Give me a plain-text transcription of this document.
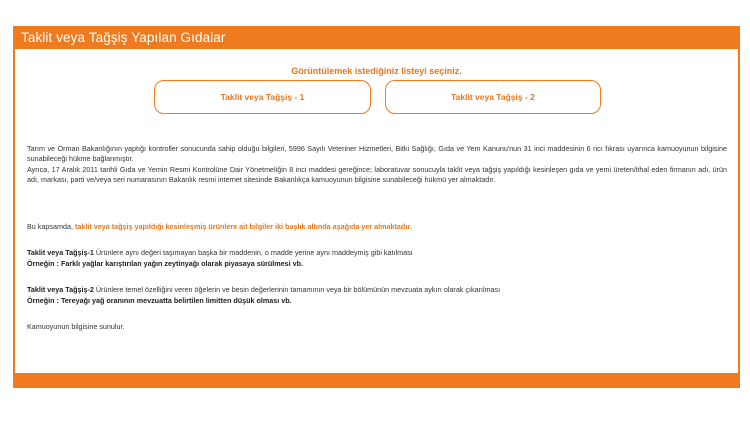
Taklit veya Tağşiş Yapılan Gıdalar
Görüntülemek istediğiniz listeyi seçiniz.
Taklit veya Tağşiş - 1	Taklit veya Tağşiş - 2
Tarım ve Orman Bakanlığının yaptığı kontroller sonucunda sahip olduğu bilgileri, 5996 Sayılı Veteriner Hizmetleri, Bitki Sağlığı, Gıda ve Yem Kanunu'nun 31 inci maddesinin 6 ncı fıkrası uyarınca kamuoyunun bilgisine sunabileceği hükme bağlanmıştır.
Ayrıca, 17 Aralık 2011 tarihli Gıda ve Yemin Resmi Kontrolüne Dair Yönetmeliğin 8 inci maddesi gereğince; laboratuvar sonucuyla taklit veya tağşiş yapıldığı kesinleşen gıda ve yemi üreten/ithal eden firmanın adı, ürün adı, markası, parti ve/veya seri numarasının Bakanlık resmi internet sitesinde Bakanlıkça kamuoyunun bilgisine sunabileceği hükmü yer almaktadır.
Bu kapsamda, taklit veya tağşiş yapıldığı kesinleşmiş ürünlere ait bilgiler iki başlık altında aşağıda yer almaktadır.
Taklit veya Tağşiş-1 Ürünlere aynı değeri taşımayan başka bir maddenin, o madde yerine aynı maddeymiş gibi katılması
Örneğin : Farklı yağlar karıştırılan yağın zeytinyağı olarak piyasaya sürülmesi vb.
Taklit veya Tağşiş-2 Ürünlere temel özelliğini veren öğelerin ve besin değerlerinin tamamının veya bir bölümünün mevzuata aykırı olarak çıkarılması
Örneğin : Tereyağı yağ oranının mevzuatta belirtilen limitten düşük olması vb.
Kamuoyunun bilgisine sunulur.
